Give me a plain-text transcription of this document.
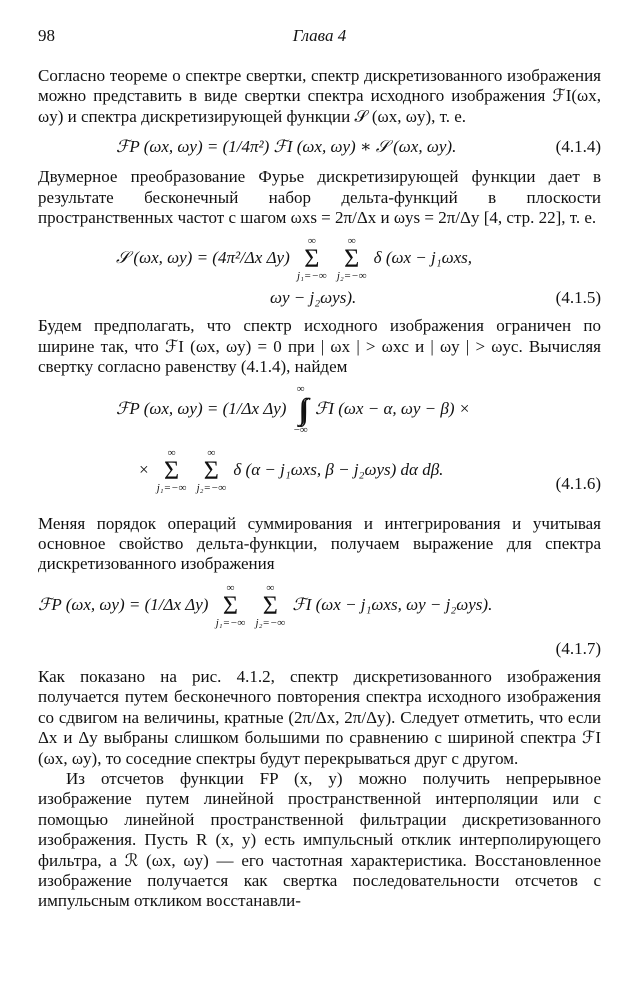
98	Глава 4

Согласно теореме о спектре свертки, спектр дискретизованного изображения можно представить в виде свертки спектра исходного изображения ℱI(ωx, ωy) и спектра дискретизирующей функции 𝒮 (ωx, ωy), т. е.

ℱP (ωx, ωy) = (1/4π²) ℱI (ωx, ωy) ∗ 𝒮 (ωx, ωy).	(4.1.4)

Двумерное преобразование Фурье дискретизирующей функции дает в результате бесконечный набор дельта-функций в плоскости пространственных частот с шагом ωxs = 2π/Δx и ωys = 2π/Δy [4, стр. 22], т. е.

𝒮 (ωx, ωy) = (4π²/Δx Δy)
∞
Σ
j₁=−∞

∞
Σ
j₂=−∞
δ (ωx − j₁ωxs,
ωy − j₂ωys).	(4.1.5)

Будем предполагать, что спектр исходного изображения ограничен по ширине так, что ℱI (ωx, ωy) = 0 при | ωx | > ωxc и | ωy | > ωyc. Вычисляя свертку согласно равенству (4.1.4), найдем

ℱP (ωx, ωy) = (1/Δx Δy)
∞
∫∫
−∞
ℱI (ωx − α, ωy − β) ×
×
∞
Σ
j₁=−∞

∞
Σ
j₂=−∞
δ (α − j₁ωxs, β − j₂ωys) dα dβ.
(4.1.6)

Меняя порядок операций суммирования и интегрирования и учитывая основное свойство дельта-функции, получаем выражение для спектра дискретизованного изображения

ℱP (ωx, ωy) = (1/Δx Δy)
∞
Σ
j₁=−∞

∞
Σ
j₂=−∞
ℱI (ωx − j₁ωxs, ωy − j₂ωys).
(4.1.7)

Как показано на рис. 4.1.2, спектр дискретизованного изображения получается путем бесконечного повторения спектра исходного изображения со сдвигом на величины, кратные (2π/Δx, 2π/Δy). Следует отметить, что если Δx и Δy выбраны слишком большими по сравнению с шириной спектра ℱI (ωx, ωy), то соседние спектры будут перекрываться друг с другом.

Из отсчетов функции FP (x, y) можно получить непрерывное изображение путем линейной пространственной интерполяции или с помощью линейной пространственной фильтрации дискретизованного изображения. Пусть R (x, y) есть импульсный отклик интерполирующего фильтра, а ℛ (ωx, ωy) — его частотная характеристика. Восстановленное изображение получается как свертка последовательности отсчетов с импульсным откликом восстанавли-
